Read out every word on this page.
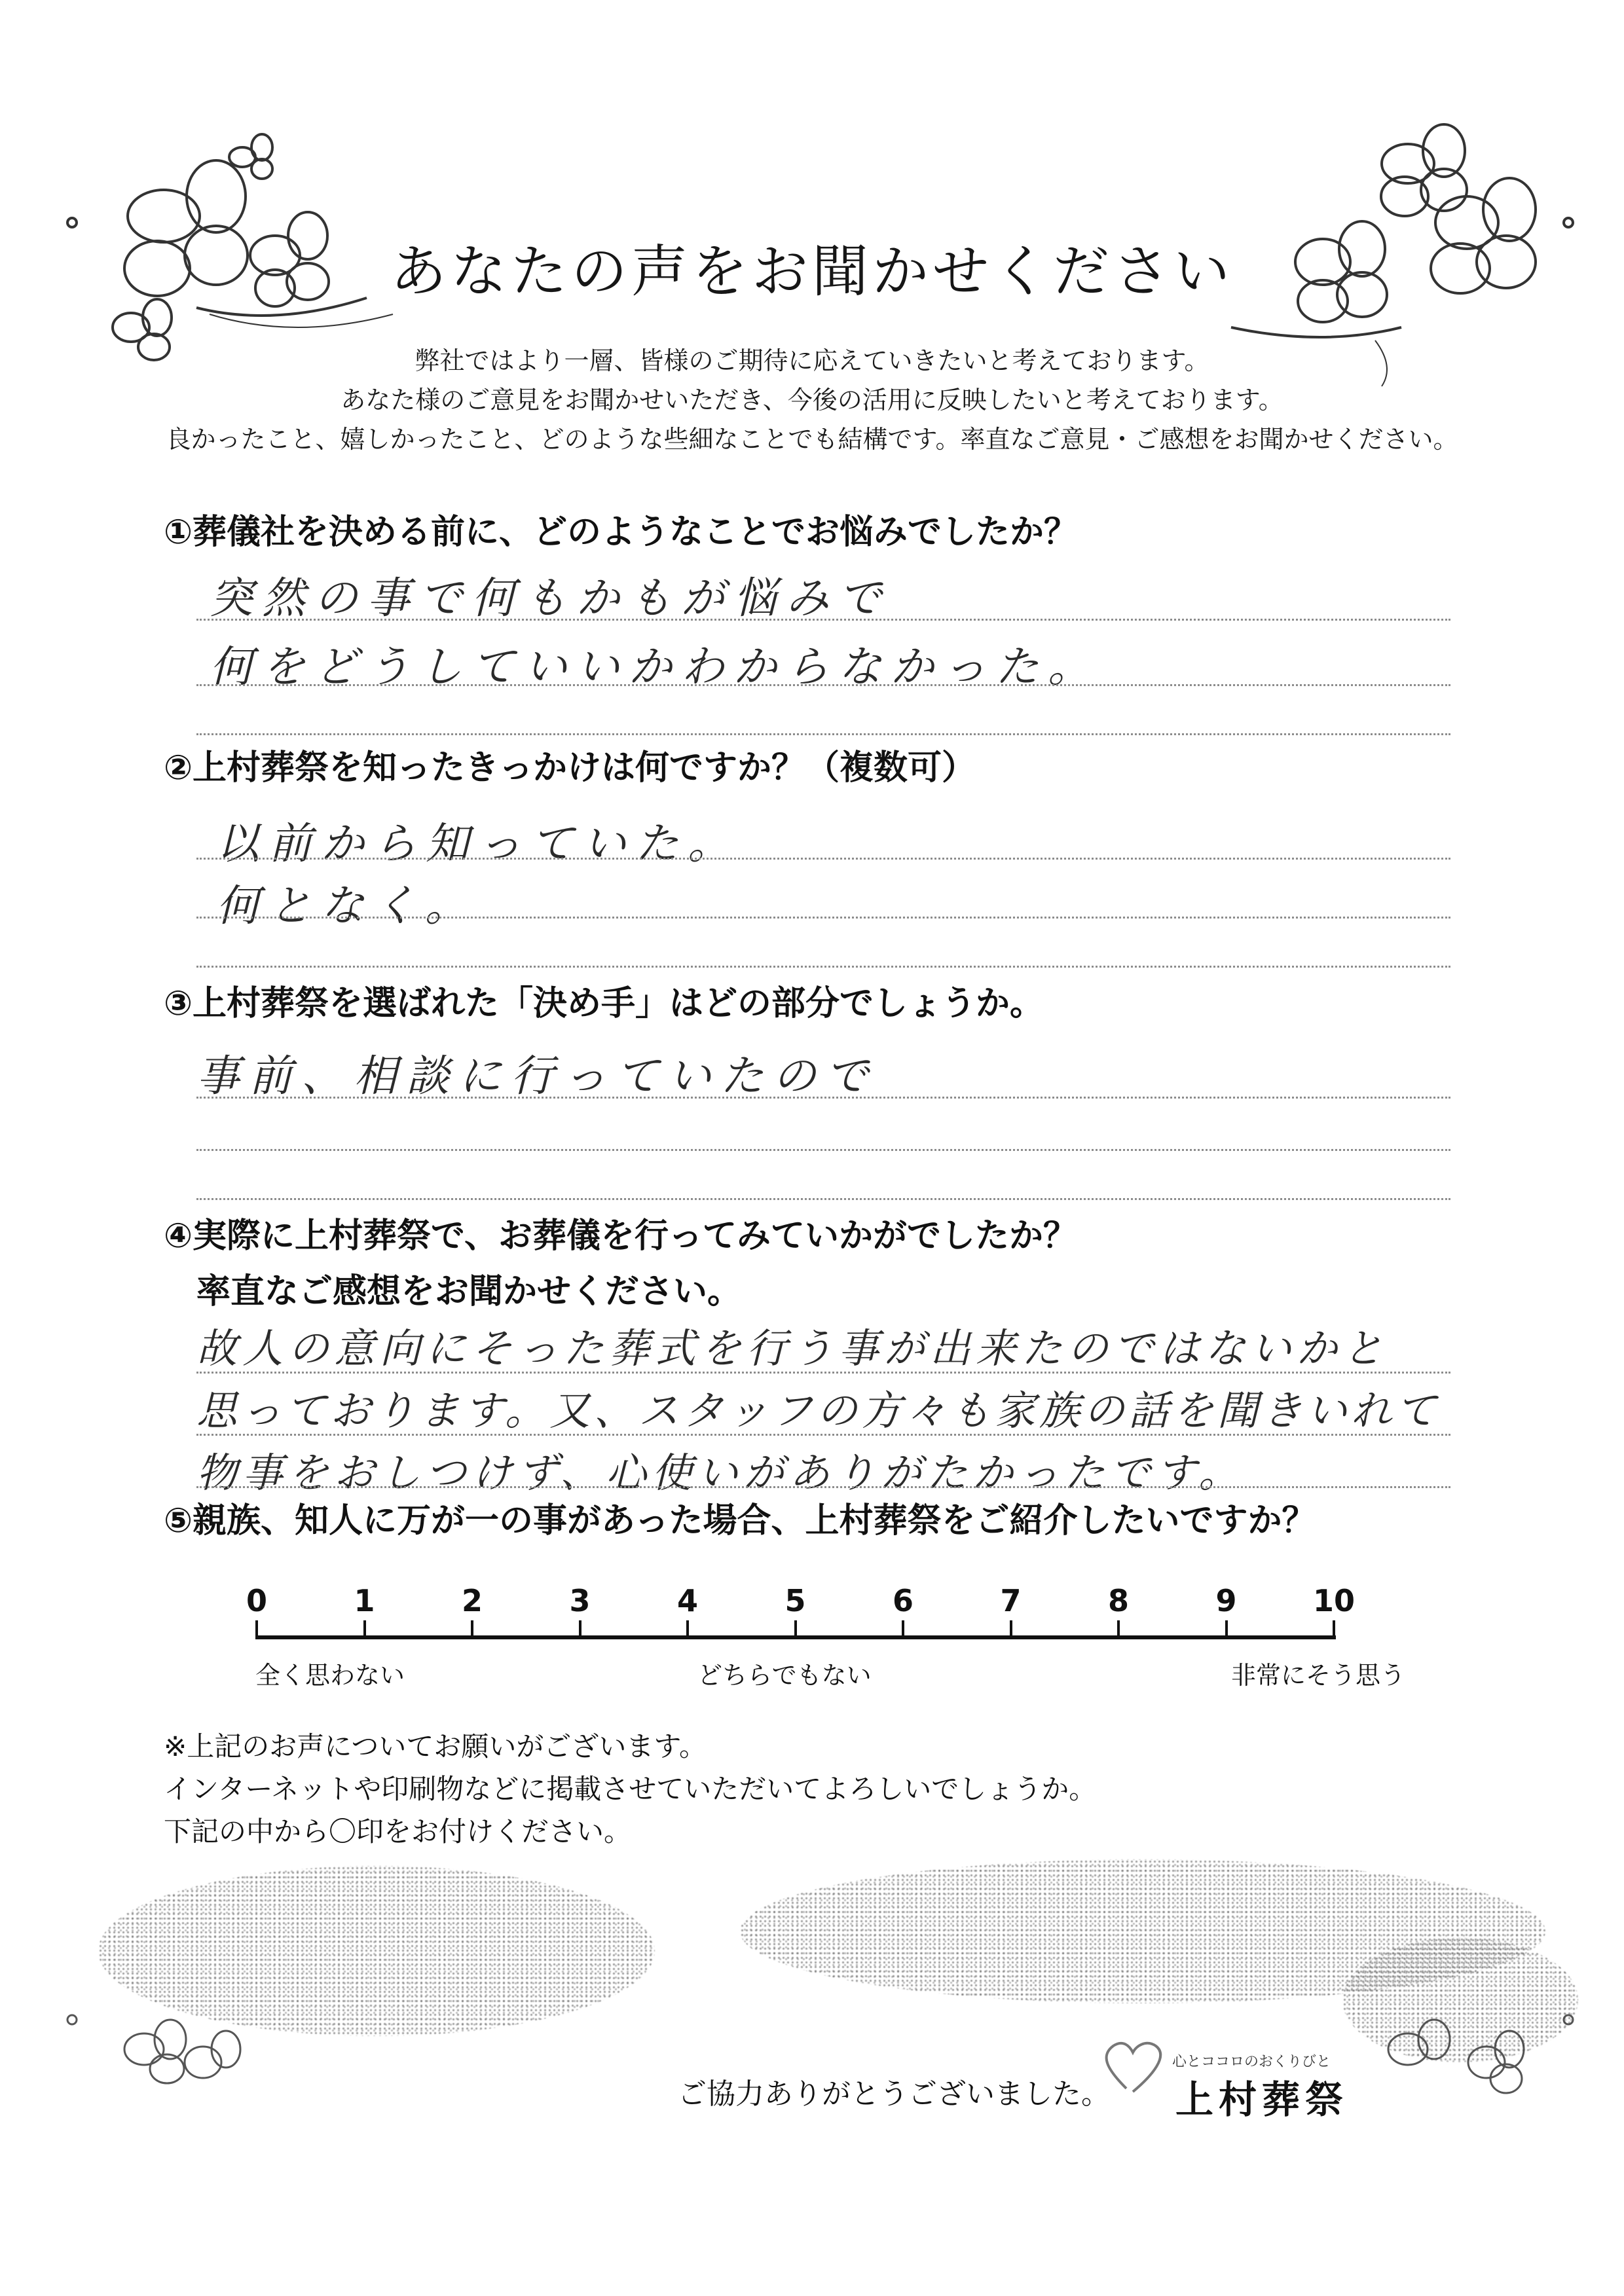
あなたの声をお聞かせください
弊社ではより一層、皆様のご期待に応えていきたいと考えております。
あなた様のご意見をお聞かせいただき、今後の活用に反映したいと考えております。
良かったこと、嬉しかったこと、どのような些細なことでも結構です。率直なご意見・ご感想をお聞かせください。
①葬儀社を決める前に、どのようなことでお悩みでしたか？
突然の事で何もかもが悩みで
何をどうしていいかわからなかった。
②上村葬祭を知ったきっかけは何ですか？（複数可）
以前から知っていた。
何となく。
③上村葬祭を選ばれた「決め手」はどの部分でしょうか。
事前、相談に行っていたので
④実際に上村葬祭で、お葬儀を行ってみていかがでしたか？
率直なご感想をお聞かせください。
故人の意向にそった葬式を行う事が出来たのではないかと
思っております。又、スタッフの方々も家族の話を聞きいれて
物事をおしつけず、心使いがありがたかったです。
⑤親族、知人に万が一の事があった場合、上村葬祭をご紹介したいですか？
0	1	2	3	4	5	6	7	8	9	10
全く思わない	どちらでもない	非常にそう思う
※上記のお声についてお願いがございます。
インターネットや印刷物などに掲載させていただいてよろしいでしょうか。
下記の中から〇印をお付けください。
ご協力ありがとうございました。
心とココロのおくりびと
上村葬祭
